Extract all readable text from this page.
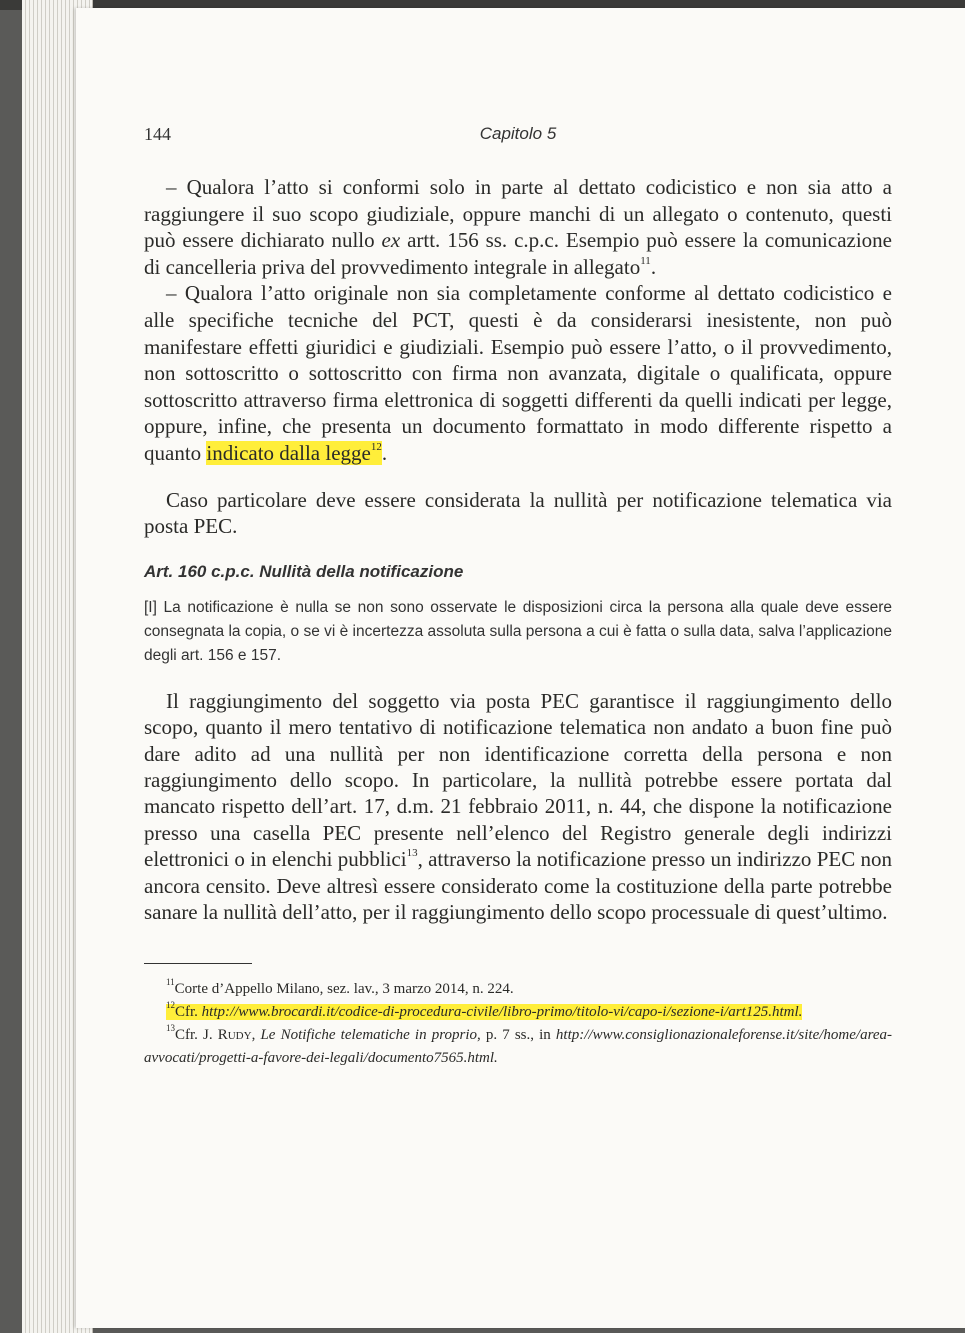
144	Capitolo 5

– Qualora l’atto si conformi solo in parte al dettato codicistico e non sia atto a raggiungere il suo scopo giudiziale, oppure manchi di un allegato o contenuto, questi può essere dichiarato nullo ex artt. 156 ss. c.p.c. Esempio può essere la comunicazione di cancelleria priva del provvedimento integrale in allegato$^{11}$.

– Qualora l’atto originale non sia completamente conforme al dettato codicistico e alle specifiche tecniche del PCT, questi è da considerarsi inesistente, non può manifestare effetti giuridici e giudiziali. Esempio può essere l’atto, o il provvedimento, non sottoscritto o sottoscritto con firma non avanzata, digitale o qualificata, oppure sottoscritto attraverso firma elettronica di soggetti differenti da quelli indicati per legge, oppure, infine, che presenta un documento formattato in modo differente rispetto a quanto indicato dalla legge$^{12}$.

Caso particolare deve essere considerata la nullità per notificazione telematica via posta PEC.

Art. 160 c.p.c. Nullità della notificazione
[I] La notificazione è nulla se non sono osservate le disposizioni circa la persona alla quale deve essere consegnata la copia, o se vi è incertezza assoluta sulla persona a cui è fatta o sulla data, salva l’applicazione degli art. 156 e 157.

Il raggiungimento del soggetto via posta PEC garantisce il raggiungimento dello scopo, quanto il mero tentativo di notificazione telematica non andato a buon fine può dare adito ad una nullità per non identificazione corretta della persona e non raggiungimento dello scopo. In particolare, la nullità potrebbe essere portata dal mancato rispetto dell’art. 17, d.m. 21 febbraio 2011, n. 44, che dispone la notificazione presso una casella PEC presente nell’elenco del Registro generale degli indirizzi elettronici o in elenchi pubblici$^{13}$, attraverso la notificazione presso un indirizzo PEC non ancora censito. Deve altresì essere considerato come la costituzione della parte potrebbe sanare la nullità dell’atto, per il raggiungimento dello scopo processuale di quest’ultimo.

$^{11}$Corte d’Appello Milano, sez. lav., 3 marzo 2014, n. 224.
$^{12}$Cfr. http://www.brocardi.it/codice-di-procedura-civile/libro-primo/titolo-vi/capo-i/sezione-i/art125.html.
$^{13}$Cfr. J. Rudy, Le Notifiche telematiche in proprio, p. 7 ss., in http://www.consiglionazionaleforense.it/site/home/area-avvocati/progetti-a-favore-dei-legali/documento7565.html.
